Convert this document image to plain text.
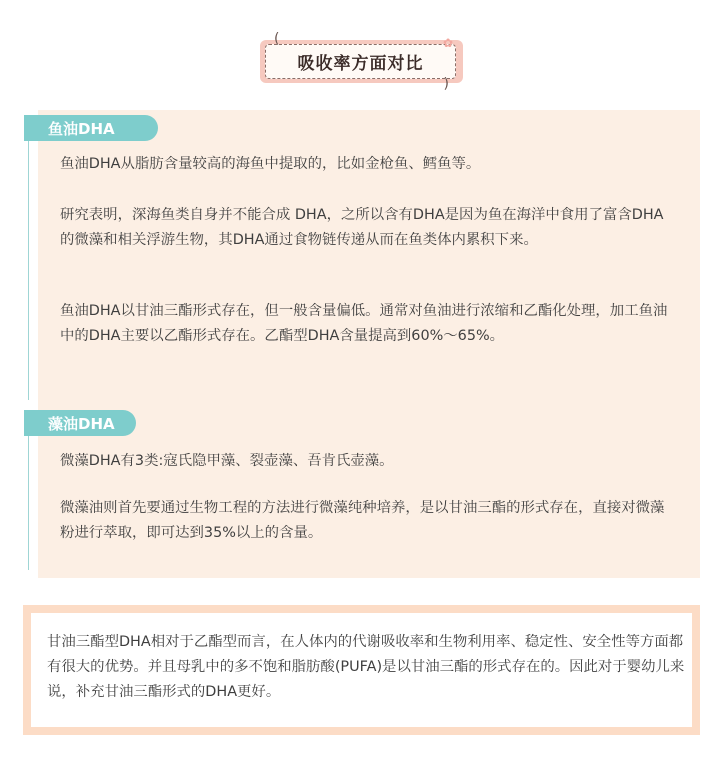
吸收率方面对比
(
)
✿
鱼油DHA

鱼油DHA从脂肪含量较高的海鱼中提取的，比如金枪鱼、鳕鱼等。

研究表明，深海鱼类自身并不能合成 DHA，之所以含有DHA是因为鱼在海洋中食用了富含DHA的微藻和相关浮游生物，其DHA通过食物链传递从而在鱼类体内累积下来。

鱼油DHA以甘油三酯形式存在，但一般含量偏低。通常对鱼油进行浓缩和乙酯化处理，加工鱼油中的DHA主要以乙酯形式存在。乙酯型DHA含量提高到60%～65%。

藻油DHA

微藻DHA有3类:寇氏隐甲藻、裂壶藻、吾肯氏壶藻。

微藻油则首先要通过生物工程的方法进行微藻纯种培养，是以甘油三酯的形式存在，直接对微藻粉进行萃取，即可达到35%以上的含量。

甘油三酯型DHA相对于乙酯型而言，在人体内的代谢吸收率和生物利用率、稳定性、安全性等方面都有很大的优势。并且母乳中的多不饱和脂肪酸(PUFA)是以甘油三酯的形式存在的。因此对于婴幼儿来说，补充甘油三酯形式的DHA更好。
